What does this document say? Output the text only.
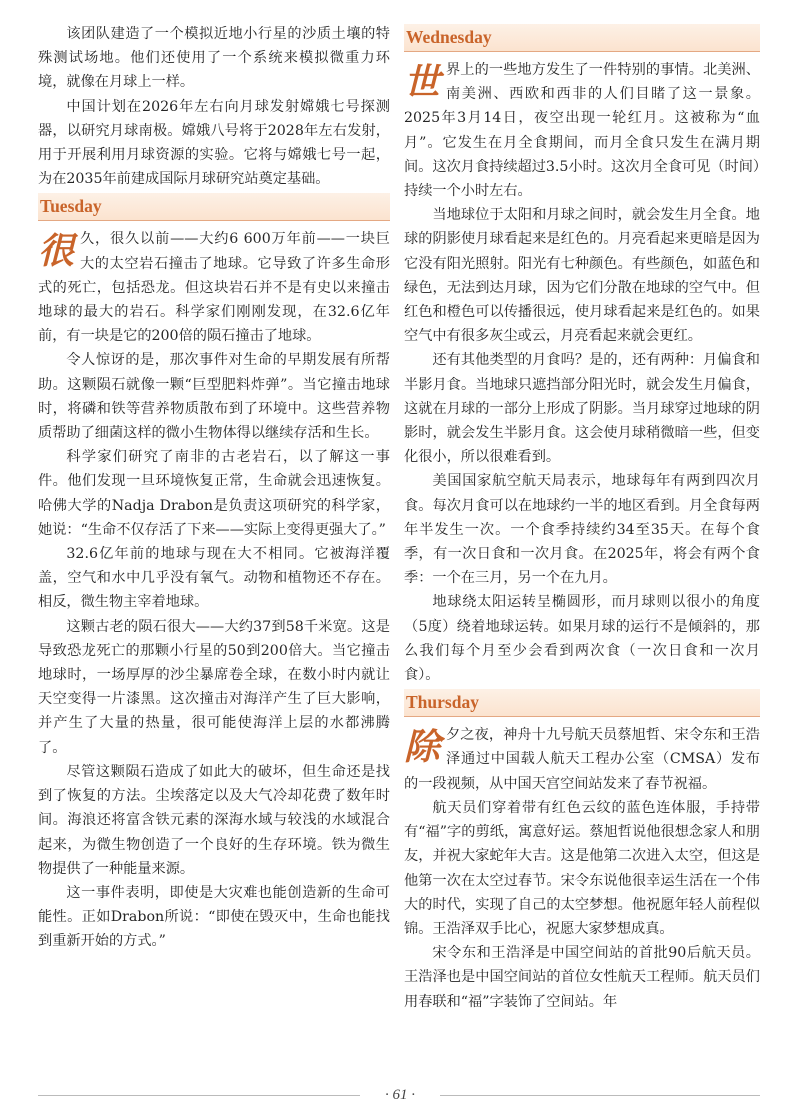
该团队建造了一个模拟近地小行星的沙质土壤的特殊测试场地。他们还使用了一个系统来模拟微重力环境，就像在月球上一样。

中国计划在2026年左右向月球发射嫦娥七号探测器，以研究月球南极。嫦娥八号将于2028年左右发射，用于开展利用月球资源的实验。它将与嫦娥七号一起，为在2035年前建成国际月球研究站奠定基础。

Tuesday

很久，很久以前——大约6 600万年前——一块巨大的太空岩石撞击了地球。它导致了许多生命形式的死亡，包括恐龙。但这块岩石并不是有史以来撞击地球的最大的岩石。科学家们刚刚发现，在32.6亿年前，有一块是它的200倍的陨石撞击了地球。

令人惊讶的是，那次事件对生命的早期发展有所帮助。这颗陨石就像一颗“巨型肥料炸弹”。当它撞击地球时，将磷和铁等营养物质散布到了环境中。这些营养物质帮助了细菌这样的微小生物体得以继续存活和生长。

科学家们研究了南非的古老岩石，以了解这一事件。他们发现一旦环境恢复正常，生命就会迅速恢复。哈佛大学的Nadja Drabon是负责这项研究的科学家，她说：“生命不仅存活了下来——实际上变得更强大了。”

32.6亿年前的地球与现在大不相同。它被海洋覆盖，空气和水中几乎没有氧气。动物和植物还不存在。相反，微生物主宰着地球。

这颗古老的陨石很大——大约37到58千米宽。这是导致恐龙死亡的那颗小行星的50到200倍大。当它撞击地球时，一场厚厚的沙尘暴席卷全球，在数小时内就让天空变得一片漆黑。这次撞击对海洋产生了巨大影响，并产生了大量的热量，很可能使海洋上层的水都沸腾了。

尽管这颗陨石造成了如此大的破坏，但生命还是找到了恢复的方法。尘埃落定以及大气冷却花费了数年时间。海浪还将富含铁元素的深海水域与较浅的水域混合起来，为微生物创造了一个良好的生存环境。铁为微生物提供了一种能量来源。

这一事件表明，即使是大灾难也能创造新的生命可能性。正如Drabon所说：“即使在毁灭中，生命也能找到重新开始的方式。”

Wednesday

世界上的一些地方发生了一件特别的事情。北美洲、南美洲、西欧和西非的人们目睹了这一景象。2025年3月14日，夜空出现一轮红月。这被称为“血月”。它发生在月全食期间，而月全食只发生在满月期间。这次月食持续超过3.5小时。这次月全食可见（时间）持续一个小时左右。

当地球位于太阳和月球之间时，就会发生月全食。地球的阴影使月球看起来是红色的。月亮看起来更暗是因为它没有阳光照射。阳光有七种颜色。有些颜色，如蓝色和绿色，无法到达月球，因为它们分散在地球的空气中。但红色和橙色可以传播很远，使月球看起来是红色的。如果空气中有很多灰尘或云，月亮看起来就会更红。

还有其他类型的月食吗？是的，还有两种：月偏食和半影月食。当地球只遮挡部分阳光时，就会发生月偏食，这就在月球的一部分上形成了阴影。当月球穿过地球的阴影时，就会发生半影月食。这会使月球稍微暗一些，但变化很小，所以很难看到。

美国国家航空航天局表示，地球每年有两到四次月食。每次月食可以在地球约一半的地区看到。月全食每两年半发生一次。一个食季持续约34至35天。在每个食季，有一次日食和一次月食。在2025年，将会有两个食季：一个在三月，另一个在九月。

地球绕太阳运转呈椭圆形，而月球则以很小的角度（5度）绕着地球运转。如果月球的运行不是倾斜的，那么我们每个月至少会看到两次食（一次日食和一次月食）。

Thursday

除夕之夜，神舟十九号航天员蔡旭哲、宋令东和王浩泽通过中国载人航天工程办公室（CMSA）发布的一段视频，从中国天宫空间站发来了春节祝福。

航天员们穿着带有红色云纹的蓝色连体服，手持带有“福”字的剪纸，寓意好运。蔡旭哲说他很想念家人和朋友，并祝大家蛇年大吉。这是他第二次进入太空，但这是他第一次在太空过春节。宋令东说他很幸运生活在一个伟大的时代，实现了自己的太空梦想。他祝愿年轻人前程似锦。王浩泽双手比心，祝愿大家梦想成真。

宋令东和王浩泽是中国空间站的首批90后航天员。王浩泽也是中国空间站的首位女性航天工程师。航天员们用春联和“福”字装饰了空间站。年

· 61 ·
